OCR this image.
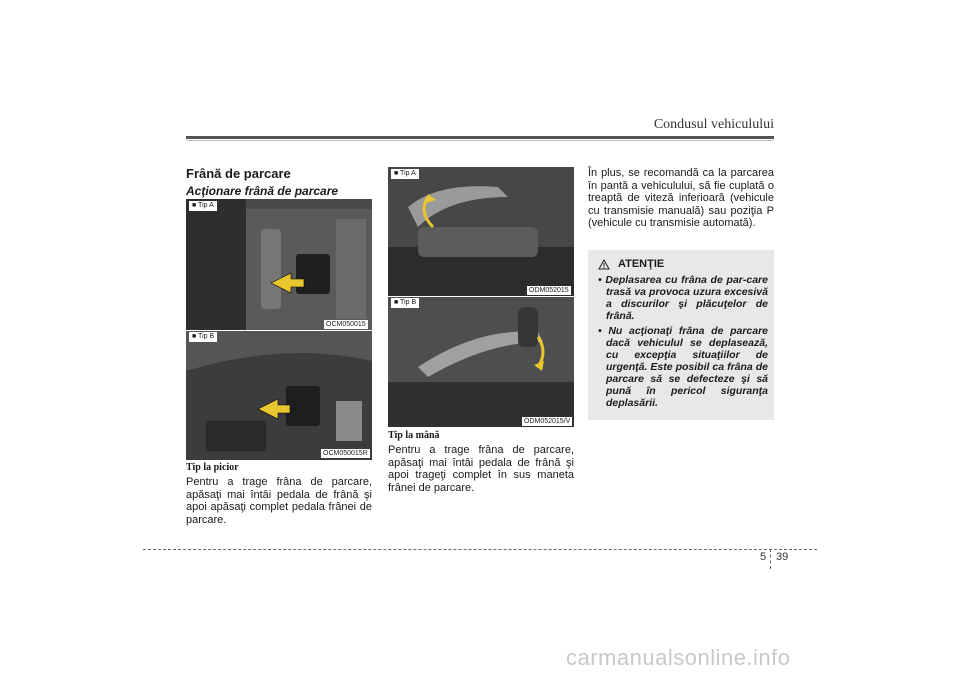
Condusul vehiculului
Frână de parcare
Acţionare frână de parcare
■ Tip A
OCM050015
■ Tip B
OCM050015R
■ Tip A
ODM052015
■ Tip B
ODM052015/V
Tip la picior
Pentru a trage frâna de parcare, apăsaţi mai întâi pedala de frână şi apoi apăsaţi complet pedala frânei de parcare.
Tip la mână
Pentru a trage frâna de parcare, apăsaţi mai întâi pedala de frână şi apoi trageţi complet în sus maneta frânei de parcare.
În plus, se recomandă ca la parcarea în pantă a vehiculului, să fie cuplată o treaptă de viteză inferioară (vehicule cu transmisie manuală) sau poziţia P (vehicule cu transmisie automată).
ATENŢIE
• Deplasarea cu frâna de par-care trasă va provoca uzura excesivă a discurilor şi plăcuţelor de frână.
• Nu acţionaţi frâna de parcare dacă vehiculul se deplasează, cu excepţia situaţiilor de urgenţă. Este posibil ca frâna de parcare să se defecteze şi să pună în pericol siguranţa deplasării.
5 39
carmanualsonline.info
